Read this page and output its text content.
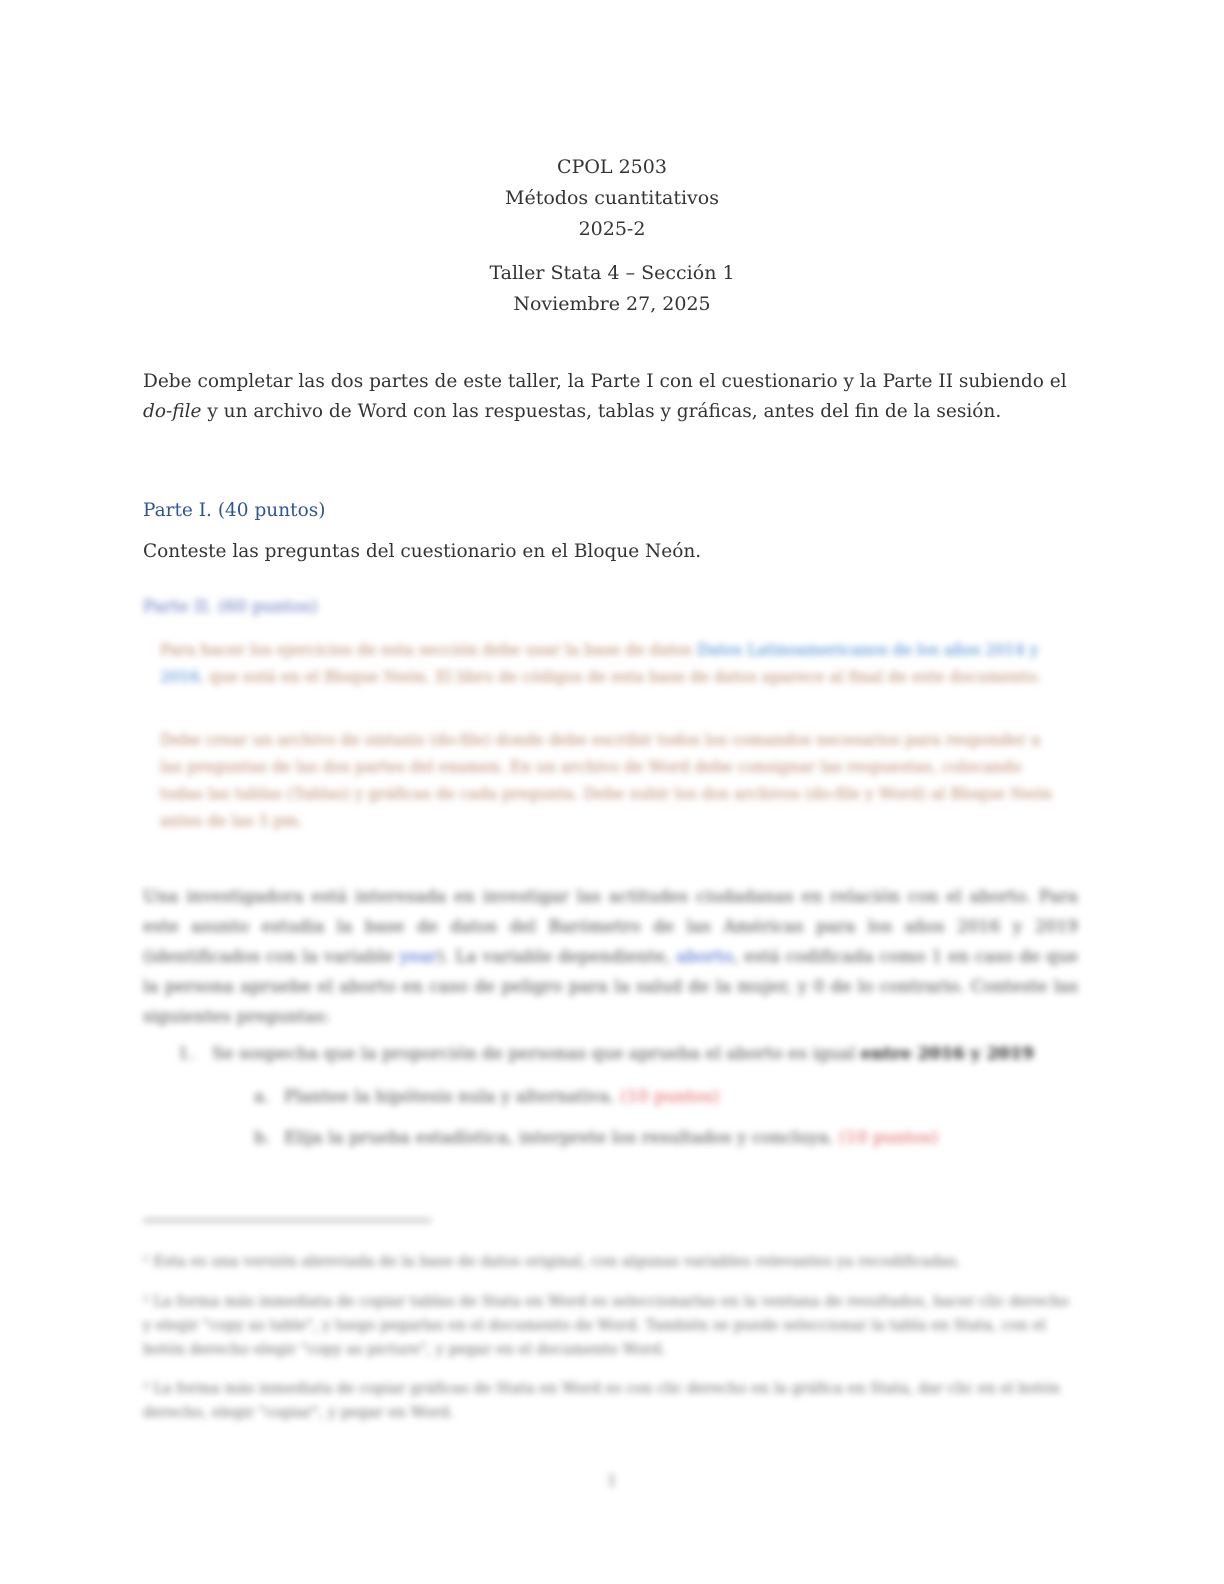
CPOL 2503
Métodos cuantitativos
2025-2
Taller Stata 4 – Sección 1
Noviembre 27, 2025
Debe completar las dos partes de este taller, la Parte I con el cuestionario y la Parte II subiendo el do-file y un archivo de Word con las respuestas, tablas y gráficas, antes del fin de la sesión.
Parte I. (40 puntos)
Conteste las preguntas del cuestionario en el Bloque Neón.
Parte II. (60 puntos)
Para hacer los ejercicios de esta sección debe usar la base de datos Datos Latinoamericanos de los años 2014 y 2016, que está en el Bloque Neón. El libro de códigos de esta base de datos aparece al final de este documento.
Debe crear un archivo de sintaxis (do-file) donde debe escribir todos los comandos necesarios para responder a las preguntas de las dos partes del examen. En un archivo de Word debe consignar las respuestas, colocando todas las tablas (Tablas) y gráficas de cada pregunta. Debe subir los dos archivos (do-file y Word) al Bloque Neón antes de las 5 pm.
Una investigadora está interesada en investigar las actitudes ciudadanas en relación con el aborto. Para este asunto estudia la base de datos del Barómetro de las Américas para los años 2016 y 2019 (identificados con la variable year). La variable dependiente, aborto, está codificada como 1 en caso de que la persona apruebe el aborto en caso de peligro para la salud de la mujer, y 0 de lo contrario. Conteste las siguientes preguntas:
1. Se sospecha que la proporción de personas que aprueba el aborto es igual entre 2016 y 2019
a. Plantee la hipótesis nula y alternativa. (10 puntos)
b. Elija la prueba estadística, interprete los resultados y concluya. (10 puntos)
¹ Esta es una versión abreviada de la base de datos original, con algunas variables relevantes ya recodificadas.
² La forma más inmediata de copiar tablas de Stata en Word es seleccionarlas en la ventana de resultados, hacer clic derecho y elegir "copy as table", y luego pegarlas en el documento de Word. También se puede seleccionar la tabla en Stata, con el botón derecho elegir "copy as picture", y pegar en el documento Word.
³ La forma más inmediata de copiar gráficas de Stata en Word es con clic derecho en la gráfica en Stata, dar clic en el botón derecho, elegir "copiar", y pegar en Word.
1
